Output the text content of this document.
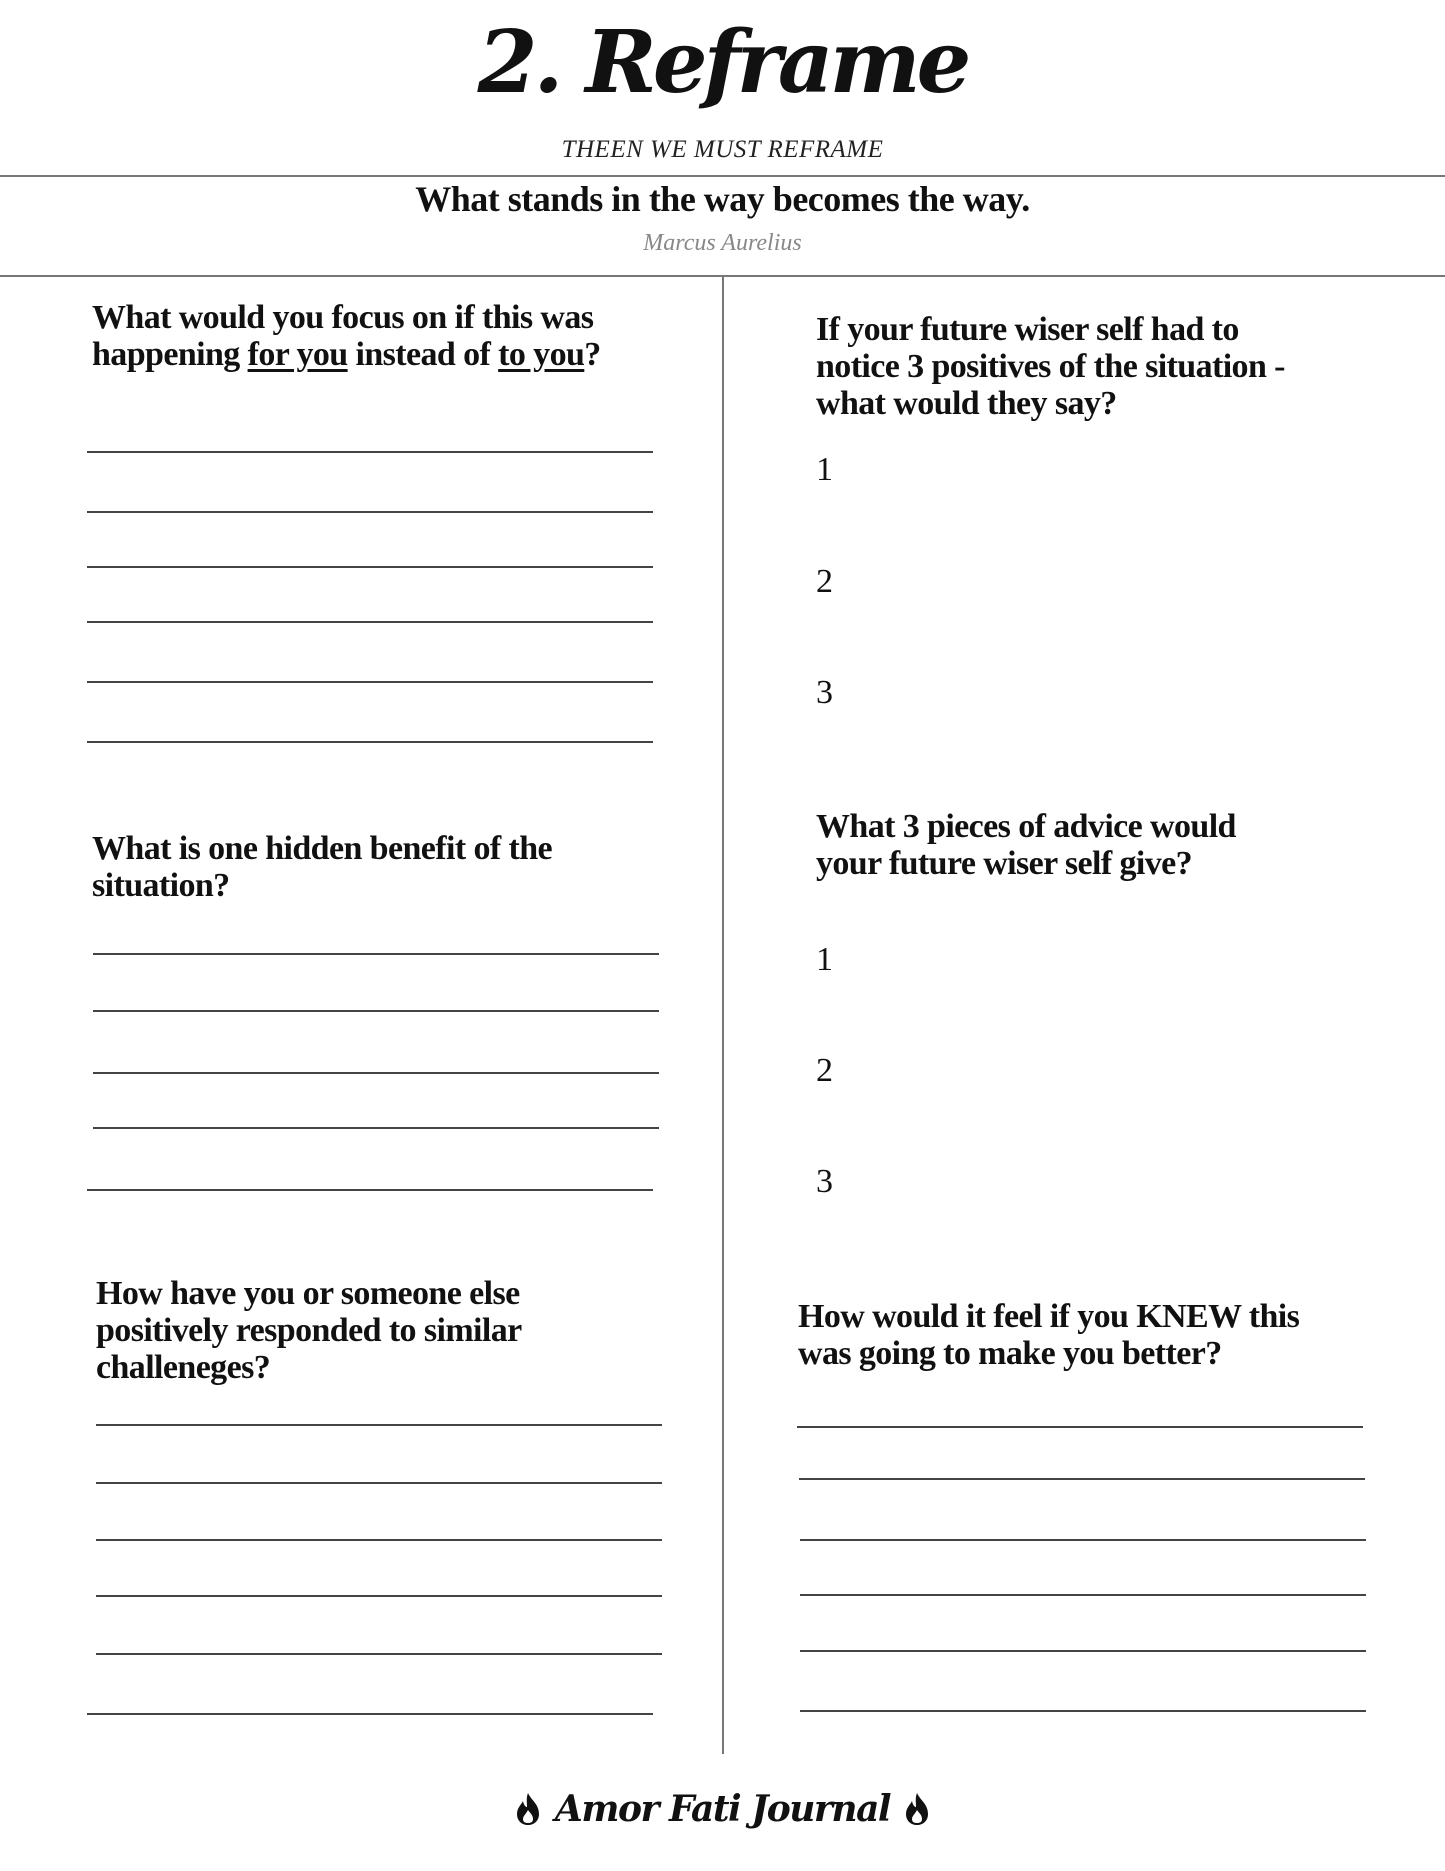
2. Reframe
THEEN WE MUST REFRAME
What stands in the way becomes the way.
Marcus Aurelius
What would you focus on if this was happening for you instead of to you?
What is one hidden benefit of the situation?
How have you or someone else positively responded to similar challeneges?
If your future wiser self had to notice 3 positives of the situation - what would they say?
1
2
3
What 3 pieces of advice would your future wiser self give?
1
2
3
How would it feel if you KNEW this was going to make you better?
Amor Fati Journal
